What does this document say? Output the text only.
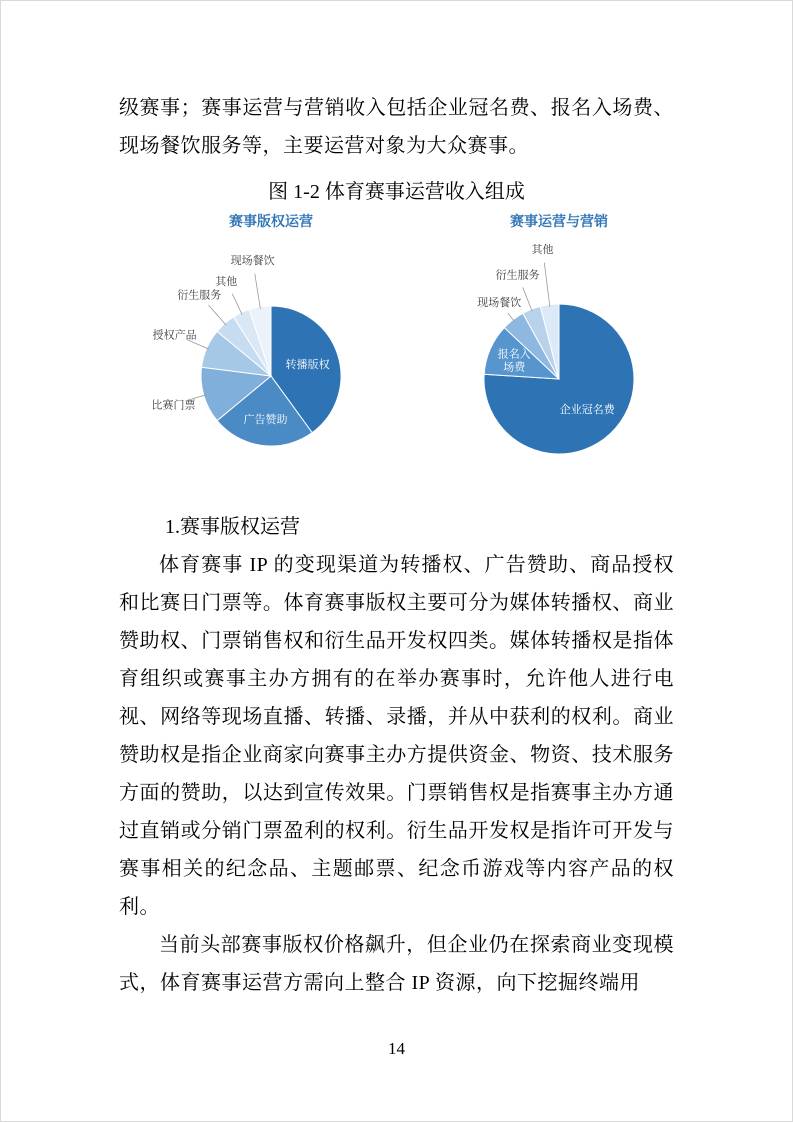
级赛事；赛事运营与营销收入包括企业冠名费、报名入场费、现场餐饮服务等，主要运营对象为大众赛事。

图 1-2 体育赛事运营收入组成

赛事版权运营
转播版权
广告赞助
比赛门票
授权产品
衍生服务
其他
现场餐饮
赛事运营与营销
企业冠名费
报名入场费
现场餐饮
衍生服务
其他

1.赛事版权运营

体育赛事 IP 的变现渠道为转播权、广告赞助、商品授权和比赛日门票等。体育赛事版权主要可分为媒体转播权、商业赞助权、门票销售权和衍生品开发权四类。媒体转播权是指体育组织或赛事主办方拥有的在举办赛事时，允许他人进行电视、网络等现场直播、转播、录播，并从中获利的权利。商业赞助权是指企业商家向赛事主办方提供资金、物资、技术服务方面的赞助，以达到宣传效果。门票销售权是指赛事主办方通过直销或分销门票盈利的权利。衍生品开发权是指许可开发与赛事相关的纪念品、主题邮票、纪念币游戏等内容产品的权利。

当前头部赛事版权价格飙升，但企业仍在探索商业变现模式，体育赛事运营方需向上整合 IP 资源，向下挖掘终端用

14
